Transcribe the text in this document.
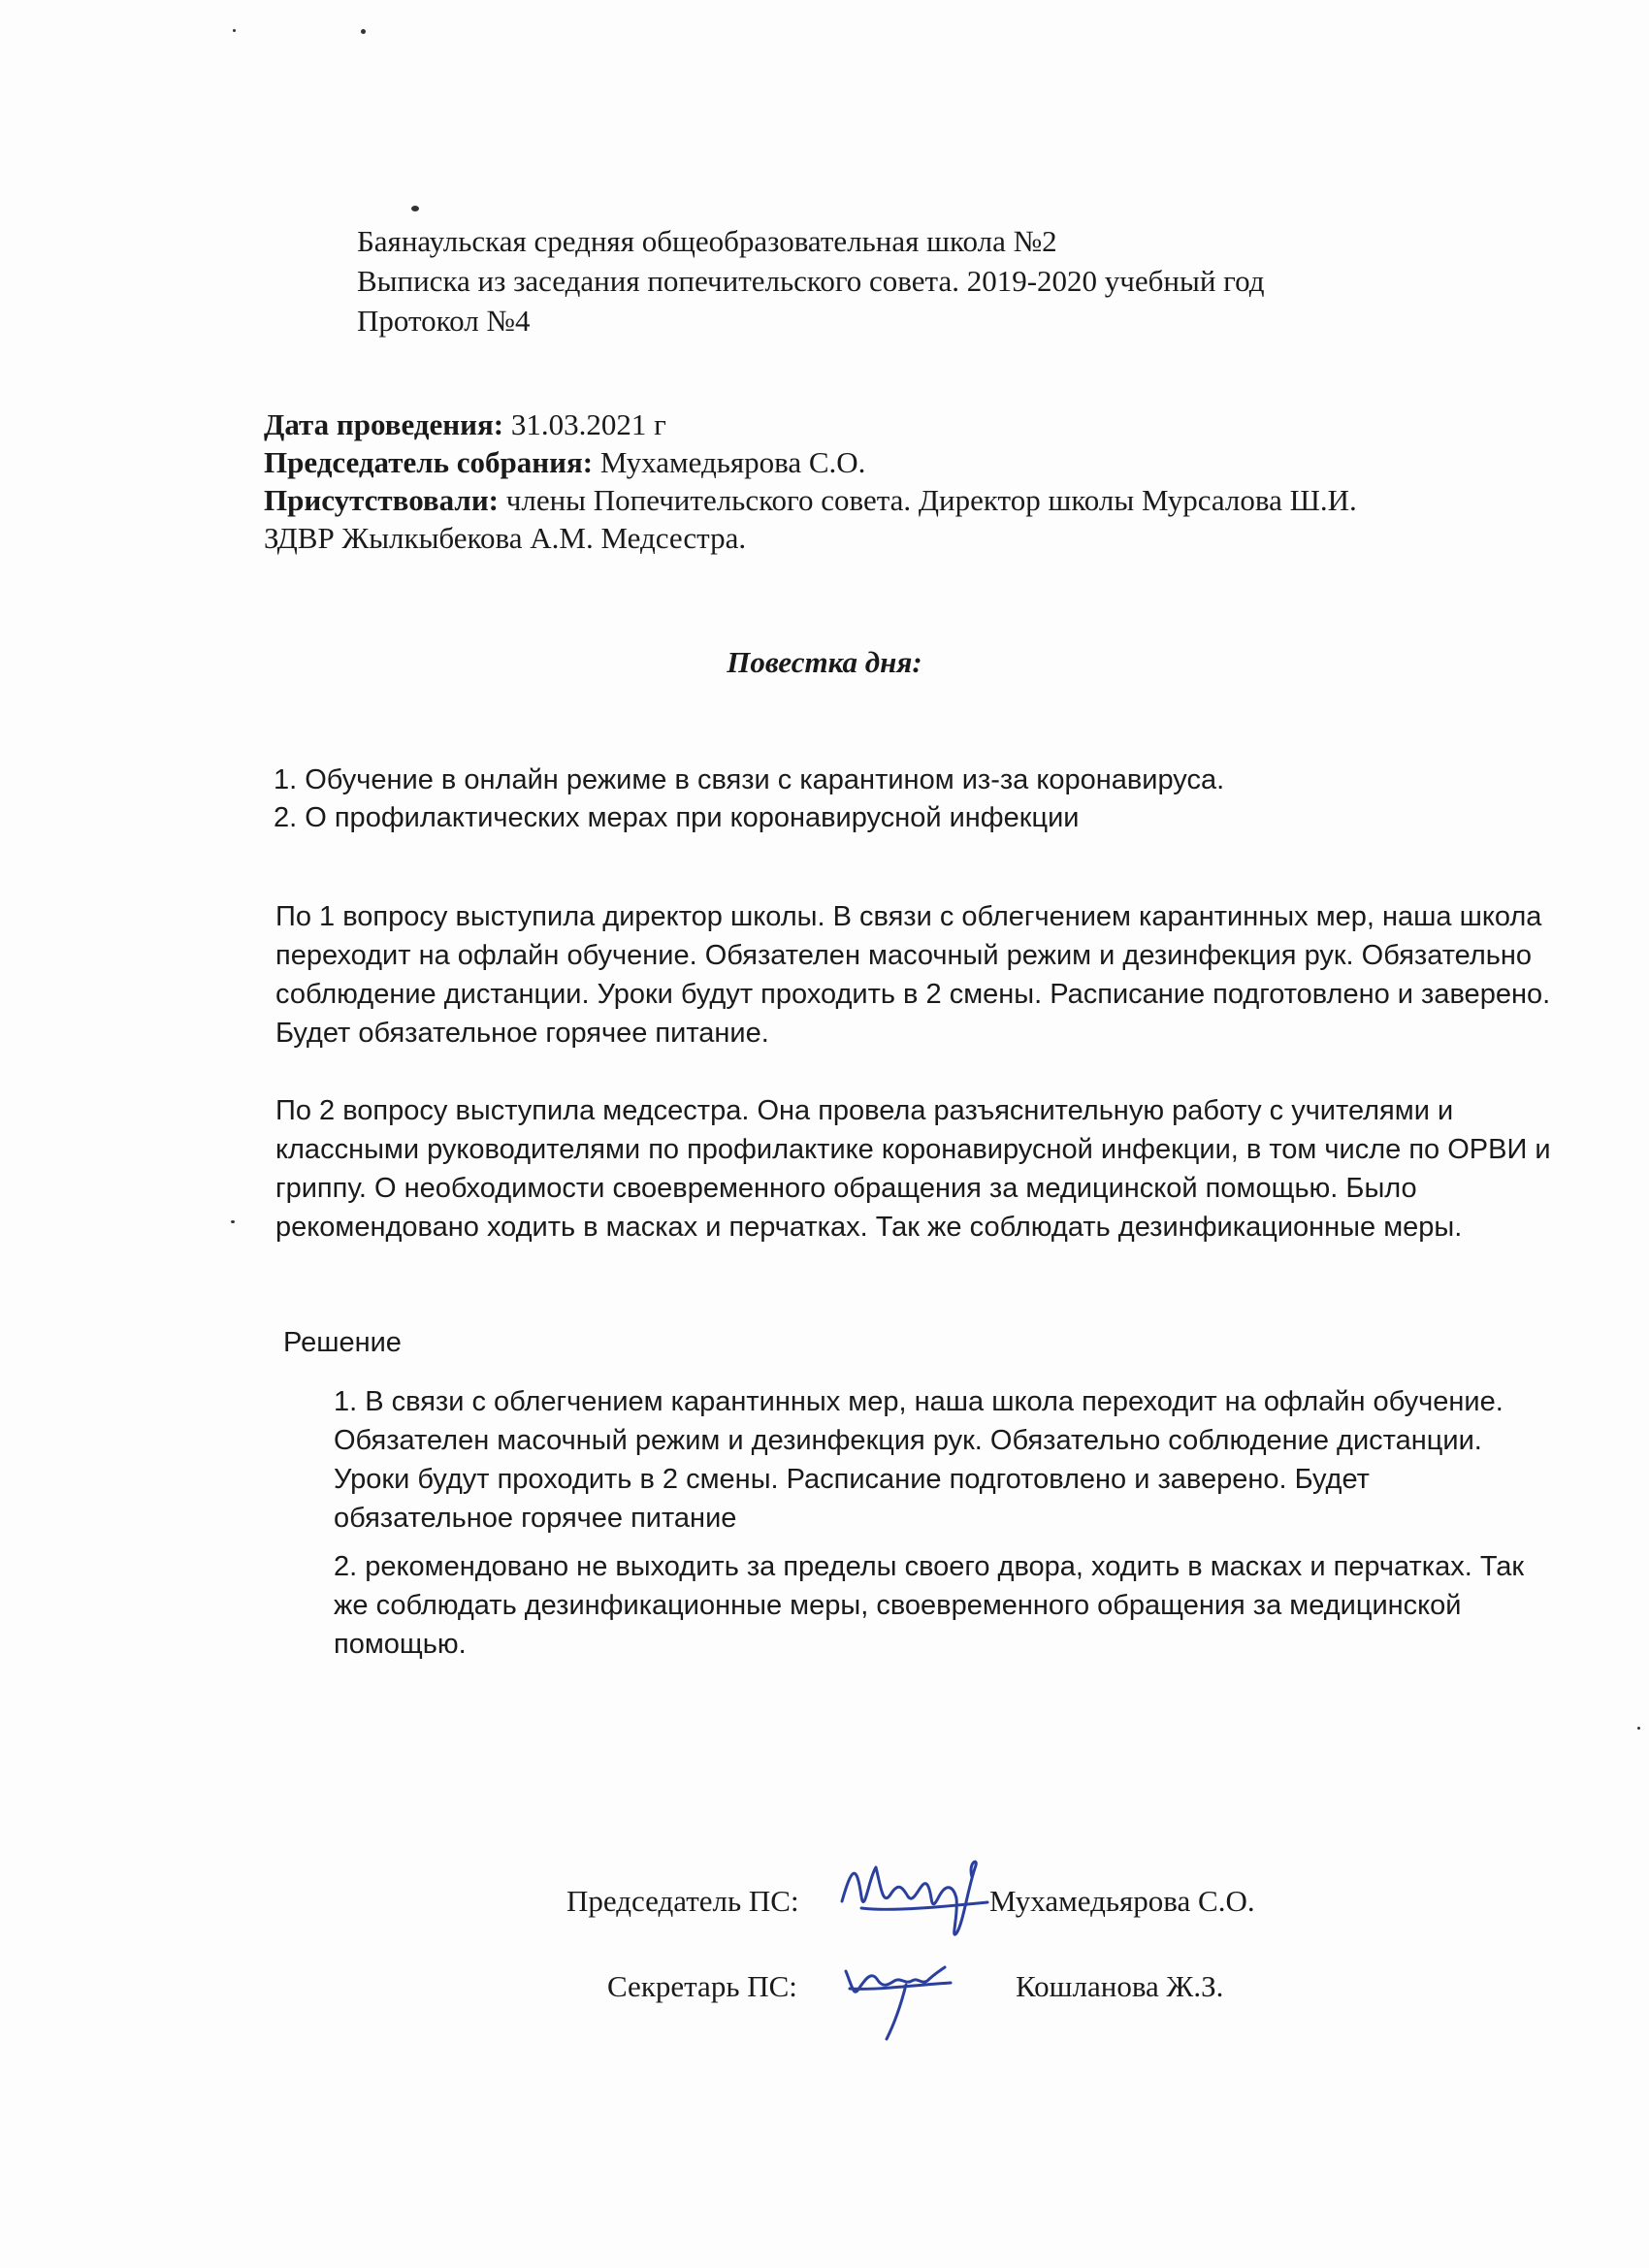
Баянаульская средняя общеобразовательная школа №2
Выписка из заседания попечительского совета. 2019-2020 учебный год
Протокол №4
Дата проведения: 31.03.2021 г
Председатель собрания: Мухамедьярова С.О.
Присутствовали: члены Попечительского совета. Директор школы Мурсалова Ш.И.
ЗДВР Жылкыбекова А.М. Медсестра.
Повестка дня:
1. Обучение в онлайн режиме в связи с карантином из-за коронавируса.
2. О профилактических мерах при коронавирусной инфекции
По 1 вопросу выступила директор школы. В связи с облегчением карантинных мер, наша школа переходит на офлайн обучение. Обязателен масочный режим и дезинфекция рук. Обязательно соблюдение дистанции. Уроки будут проходить в 2 смены. Расписание подготовлено и заверено. Будет обязательное горячее питание.
По 2 вопросу выступила медсестра. Она провела разъяснительную работу с учителями и классными руководителями по профилактике коронавирусной инфекции, в том числе по ОРВИ и гриппу. О необходимости своевременного обращения за медицинской помощью. Было рекомендовано ходить в масках и перчатках. Так же соблюдать дезинфикационные меры.
Решение
1. В связи с облегчением карантинных мер, наша школа переходит на офлайн обучение. Обязателен масочный режим и дезинфекция рук. Обязательно соблюдение дистанции. Уроки будут проходить в 2 смены. Расписание подготовлено и заверено. Будет обязательное горячее питание
2. рекомендовано не выходить за пределы своего двора, ходить в масках и перчатках. Так же соблюдать дезинфикационные меры, своевременного обращения за медицинской помощью.
Председатель ПС:	Мухамедьярова С.О.
Секретарь ПС:	Кошланова Ж.З.
